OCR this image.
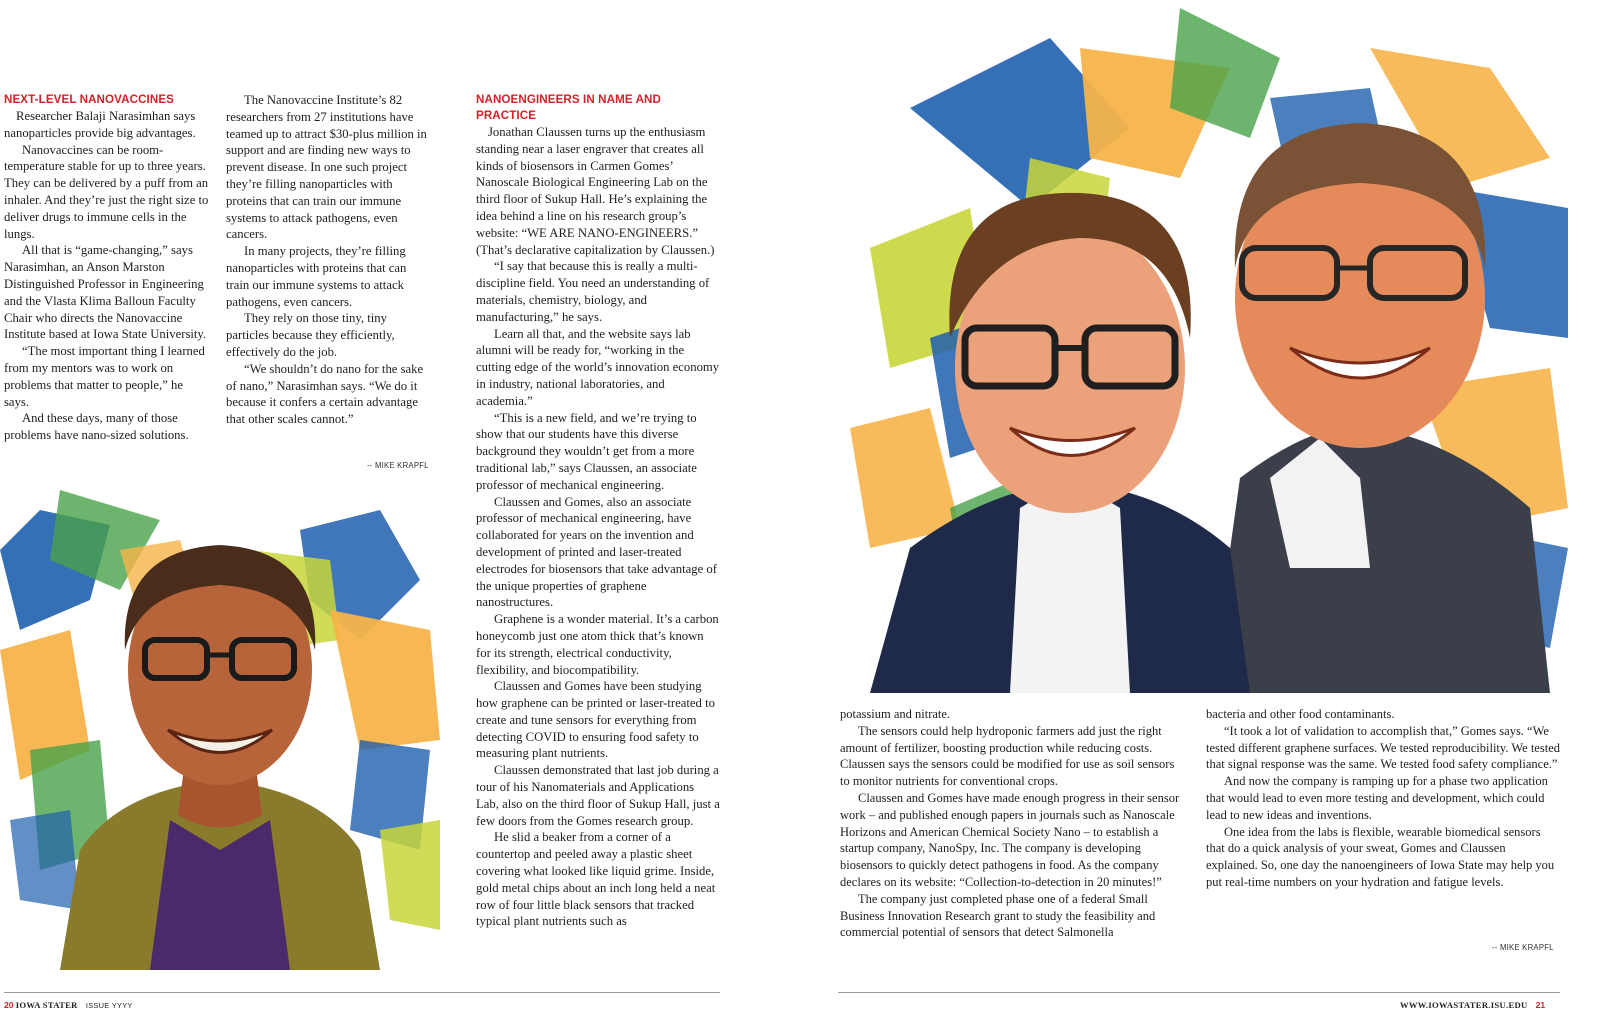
NEXT-LEVEL NANOVACCINES

Researcher Balaji Narasimhan says nanoparticles provide big advantages.

Nanovaccines can be room-temperature stable for up to three years. They can be delivered by a puff from an inhaler. And they’re just the right size to deliver drugs to immune cells in the lungs.

All that is “game-changing,” says Narasimhan, an Anson Marston Distinguished Professor in Engineering and the Vlasta Klima Balloun Faculty Chair who directs the Nanovaccine Institute based at Iowa State University.

“The most important thing I learned from my mentors was to work on problems that matter to people,” he says.

And these days, many of those problems have nano-sized solutions.

The Nanovaccine Institute’s 82 researchers from 27 institutions have teamed up to attract $30-plus million in support and are finding new ways to prevent disease. In one such project they’re filling nanoparticles with proteins that can train our immune systems to attack pathogens, even cancers.

In many projects, they’re filling nanoparticles with proteins that can train our immune systems to attack pathogens, even cancers.

They rely on those tiny, tiny particles because they efficiently, effectively do the job.

“We shouldn’t do nano for the sake of nano,” Narasimhan says. “We do it because it confers a certain advantage that other scales cannot.”

-- MIKE KRAPFL
NANOENGINEERS IN NAME AND PRACTICE

Jonathan Claussen turns up the enthusiasm standing near a laser engraver that creates all kinds of biosensors in Carmen Gomes’ Nanoscale Biological Engineering Lab on the third floor of Sukup Hall. He’s explaining the idea behind a line on his research group’s website: “WE ARE NANO-ENGINEERS.” (That’s declarative capitalization by Claussen.)

“I say that because this is really a multi-discipline field. You need an understanding of materials, chemistry, biology, and manufacturing,” he says.

Learn all that, and the website says lab alumni will be ready for, “working in the cutting edge of the world’s innovation economy in industry, national laboratories, and academia.”

“This is a new field, and we’re trying to show that our students have this diverse background they wouldn’t get from a more traditional lab,” says Claussen, an associate professor of mechanical engineering.

Claussen and Gomes, also an associate professor of mechanical engineering, have collaborated for years on the invention and development of printed and laser-treated electrodes for biosensors that take advantage of the unique properties of graphene nanostructures.

Graphene is a wonder material. It’s a carbon honeycomb just one atom thick that’s known for its strength, electrical conductivity, flexibility, and biocompatibility.

Claussen and Gomes have been studying how graphene can be printed or laser-treated to create and tune sensors for everything from detecting COVID to ensuring food safety to measuring plant nutrients.

Claussen demonstrated that last job during a tour of his Nanomaterials and Applications Lab, also on the third floor of Sukup Hall, just a few doors from the Gomes research group.

He slid a beaker from a corner of a countertop and peeled away a plastic sheet covering what looked like liquid grime. Inside, gold metal chips about an inch long held a neat row of four little black sensors that tracked typical plant nutrients such as

potassium and nitrate.

The sensors could help hydroponic farmers add just the right amount of fertilizer, boosting production while reducing costs. Claussen says the sensors could be modified for use as soil sensors to monitor nutrients for conventional crops.

Claussen and Gomes have made enough progress in their sensor work – and published enough papers in journals such as Nanoscale Horizons and American Chemical Society Nano – to establish a startup company, NanoSpy, Inc. The company is developing biosensors to quickly detect pathogens in food. As the company declares on its website: “Collection-to-detection in 20 minutes!”

The company just completed phase one of a federal Small Business Innovation Research grant to study the feasibility and commercial potential of sensors that detect Salmonella

bacteria and other food contaminants.

“It took a lot of validation to accomplish that,” Gomes says. “We tested different graphene surfaces. We tested reproducibility. We tested that signal response was the same. We tested food safety compliance.”

And now the company is ramping up for a phase two application that would lead to even more testing and development, which could lead to new ideas and inventions.

One idea from the labs is flexible, wearable biomedical sensors that do a quick analysis of your sweat, Gomes and Claussen explained. So, one day the nanoengineers of Iowa State may help you put real-time numbers on your hydration and fatigue levels.

-- MIKE KRAPFL
20 IOWA STATER ISSUE YYYY	WWW.IOWASTATER.ISU.EDU 21
